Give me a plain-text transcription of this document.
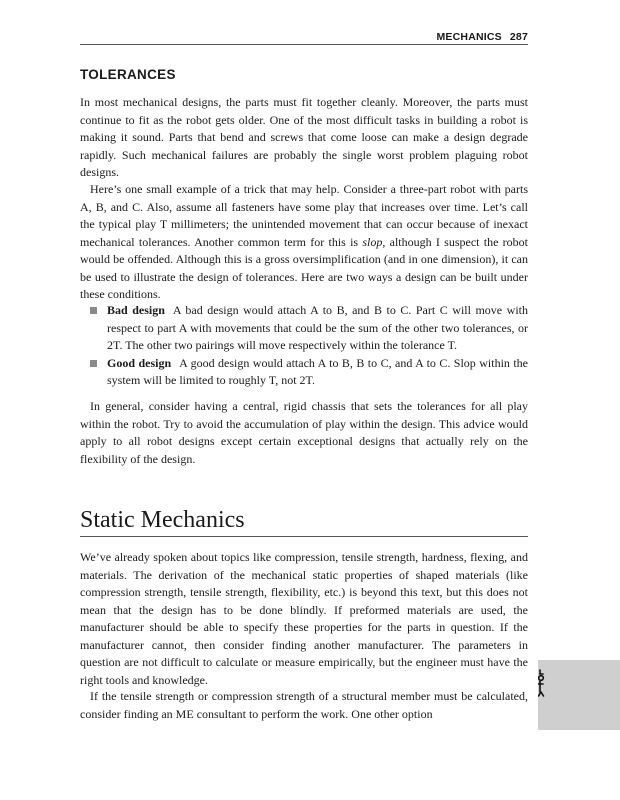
MECHANICS 287
TOLERANCES

In most mechanical designs, the parts must fit together cleanly. Moreover, the parts must continue to fit as the robot gets older. One of the most difficult tasks in building a robot is making it sound. Parts that bend and screws that come loose can make a design degrade rapidly. Such mechanical failures are probably the single worst problem plaguing robot designs.

Here’s one small example of a trick that may help. Consider a three-part robot with parts A, B, and C. Also, assume all fasteners have some play that increases over time. Let’s call the typical play T millimeters; the unintended movement that can occur because of inexact mechanical tolerances. Another common term for this is slop, although I suspect the robot would be offended. Although this is a gross oversimplification (and in one dimension), it can be used to illustrate the design of tolerances. Here are two ways a design can be built under these conditions.

Bad design A bad design would attach A to B, and B to C. Part C will move with respect to part A with movements that could be the sum of the other two tolerances, or 2T. The other two pairings will move respectively within the tolerance T.
Good design A good design would attach A to B, B to C, and A to C. Slop within the system will be limited to roughly T, not 2T.

In general, consider having a central, rigid chassis that sets the tolerances for all play within the robot. Try to avoid the accumulation of play within the design. This advice would apply to all robot designs except certain exceptional designs that actually rely on the flexibility of the design.

Static Mechanics

We’ve already spoken about topics like compression, tensile strength, hardness, flexing, and materials. The derivation of the mechanical static properties of shaped materials (like compression strength, tensile strength, flexibility, etc.) is beyond this text, but this does not mean that the design has to be done blindly. If preformed materials are used, the manufacturer should be able to specify these properties for the parts in question. If the manufacturer cannot, then consider finding another manufacturer. The parameters in question are not difficult to calculate or measure empirically, but the engineer must have the right tools and knowledge.

If the tensile strength or compression strength of a structural member must be calculated, consider finding an ME consultant to perform the work. One other option
